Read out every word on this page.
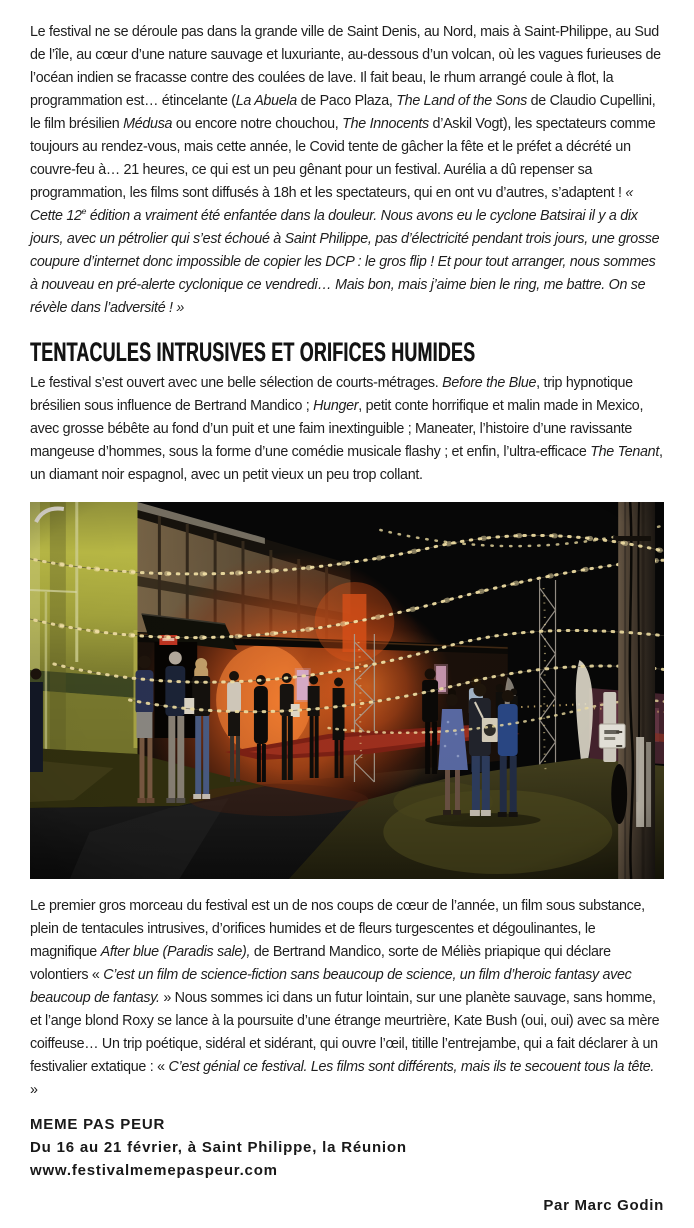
Le festival ne se déroule pas dans la grande ville de Saint Denis, au Nord, mais à Saint-Philippe, au Sud de l’île, au cœur d’une nature sauvage et luxuriante, au-dessous d’un volcan, où les vagues furieuses de l’océan indien se fracasse contre des coulées de lave. Il fait beau, le rhum arrangé coule à flot, la programmation est… étincelante (La Abuela de Paco Plaza, The Land of the Sons de Claudio Cupellini, le film brésilien Médusa ou encore notre chouchou, The Innocents d’Askil Vogt), les spectateurs comme toujours au rendez-vous, mais cette année, le Covid tente de gâcher la fête et le préfet a décrété un couvre-feu à… 21 heures, ce qui est un peu gênant pour un festival. Aurélia a dû repenser sa programmation, les films sont diffusés à 18h et les spectateurs, qui en ont vu d’autres, s’adaptent ! « Cette 12e édition a vraiment été enfantée dans la douleur. Nous avons eu le cyclone Batsirai il y a dix jours, avec un pétrolier qui s’est échoué à Saint Philippe, pas d’électricité pendant trois jours, une grosse coupure d’internet donc impossible de copier les DCP : le gros flip ! Et pour tout arranger, nous sommes à nouveau en pré-alerte cyclonique ce vendredi… Mais bon, mais j’aime bien le ring, me battre. On se révèle dans l’adversité ! »

TENTACULES INTRUSIVES ET ORIFICES HUMIDES

Le festival s’est ouvert avec une belle sélection de courts-métrages. Before the Blue, trip hypnotique brésilien sous influence de Bertrand Mandico ; Hunger, petit conte horrifique et malin made in Mexico, avec grosse bébête au fond d’un puit et une faim inextinguible ; Maneater, l’histoire d’une ravissante mangeuse d’hommes, sous la forme d’une comédie musicale flashy ; et enfin, l’ultra-efficace The Tenant, un diamant noir espagnol, avec un petit vieux un peu trop collant.

Le premier gros morceau du festival est un de nos coups de cœur de l’année, un film sous substance, plein de tentacules intrusives, d’orifices humides et de fleurs turgescentes et dégoulinantes, le magnifique After blue (Paradis sale), de Bertrand Mandico, sorte de Méliès priapique qui déclare volontiers « C’est un film de science-fiction sans beaucoup de science, un film d’heroic fantasy avec beaucoup de fantasy. » Nous sommes ici dans un futur lointain, sur une planète sauvage, sans homme, et l’ange blond Roxy se lance à la poursuite d’une étrange meurtrière, Kate Bush (oui, oui) avec sa mère coiffeuse… Un trip poétique, sidéral et sidérant, qui ouvre l’œil, titille l’entrejambe, qui a fait déclarer à un festivalier extatique : « C’est génial ce festival. Les films sont différents, mais ils te secouent tous la tête. »

MEME PAS PEUR

Du 16 au 21 février, à Saint Philippe, la Réunion

www.festivalmemepaspeur.com

Par Marc Godin
